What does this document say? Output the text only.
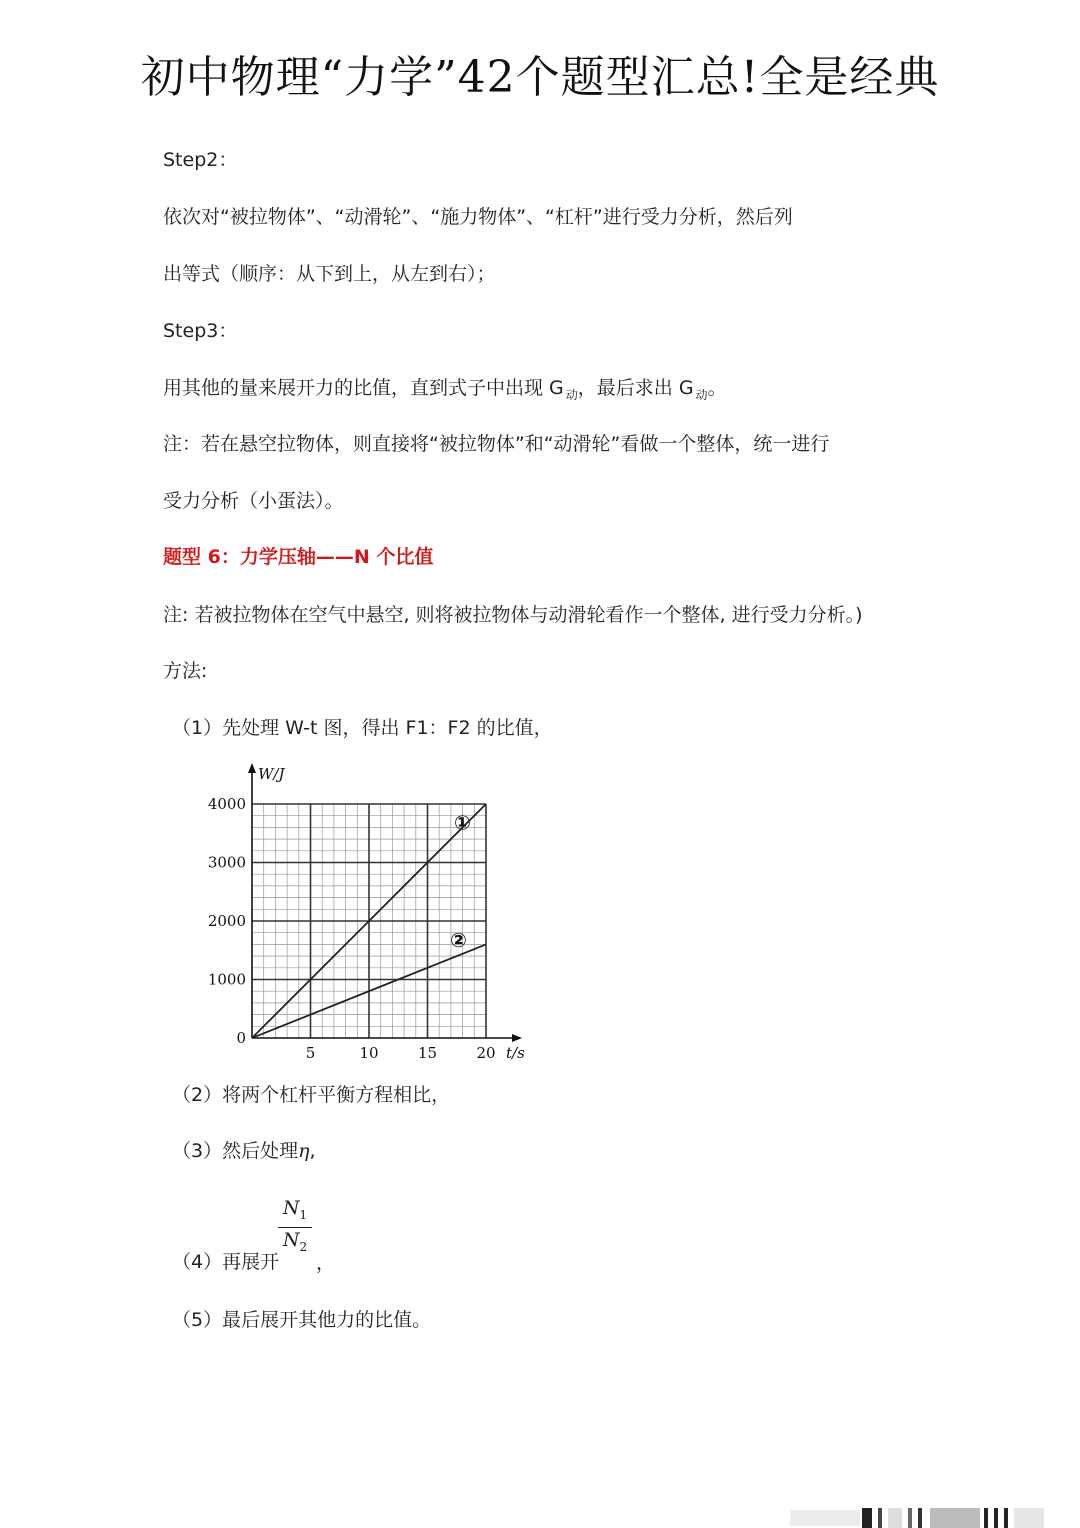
初中物理“力学”42个题型汇总!全是经典
Step2：
依次对“被拉物体”、“动滑轮”、“施力物体”、“杠杆”进行受力分析，然后列
出等式（顺序：从下到上，从左到右）；
Step3：
用其他的量来展开力的比值，直到式子中出现 G $_动$，最后求出 G $_动$。
注：若在悬空拉物体，则直接将“被拉物体”和“动滑轮”看做一个整体，统一进行
受力分析（小蛋法）。
题型 6：力学压轴——N 个比值
注: 若被拉物体在空气中悬空, 则将被拉物体与动滑轮看作一个整体, 进行受力分析。)
方法:
（1）先处理 W-t 图，得出 F1：F2 的比值，
0
1000
2000
3000
4000
5	10	15	20
W/J
t/s
①
②
（2）将两个杠杆平衡方程相比，
（3）然后处理η,
$\frac{N_1}{N_2}$
（4）再展开	，
（5）最后展开其他力的比值。
